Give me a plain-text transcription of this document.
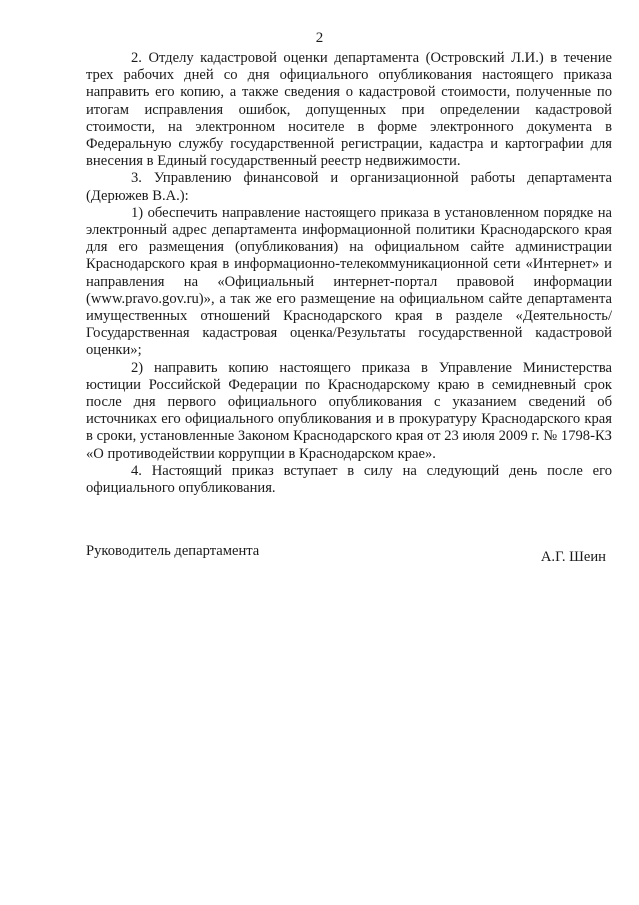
2

2. Отделу кадастровой оценки департамента (Островский Л.И.) в течение трех рабочих дней со дня официального опубликования настоящего приказа направить его копию, а также сведения о кадастровой стоимости, полученные по итогам исправления ошибок, допущенных при определении кадастровой стоимости, на электронном носителе в форме электронного документа в Федеральную службу государственной регистрации, кадастра и картографии для внесения в Единый государственный реестр недвижимости.

3. Управлению финансовой и организационной работы департамента (Дерюжев В.А.):

1) обеспечить направление настоящего приказа в установленном порядке на электронный адрес департамента информационной политики Краснодарского края для его размещения (опубликования) на официальном сайте администрации Краснодарского края в информационно-телекоммуникационной сети «Интернет» и направления на «Официальный интернет-портал правовой информации (www.pravo.gov.ru)», а так же его размещение на официальном сайте департамента имущественных отношений Краснодарского края в разделе «Деятельность/Государственная кадастровая оценка/Результаты государственной кадастровой оценки»;

2) направить копию настоящего приказа в Управление Министерства юстиции Российской Федерации по Краснодарскому краю в семидневный срок после дня первого официального опубликования с указанием сведений об источниках его официального опубликования и в прокуратуру Краснодарского края в сроки, установленные Законом Краснодарского края от 23 июля 2009 г. № 1798-КЗ «О противодействии коррупции в Краснодарском крае».

4. Настоящий приказ вступает в силу на следующий день после его официального опубликования.

Руководитель департамента	А.Г. Шеин
